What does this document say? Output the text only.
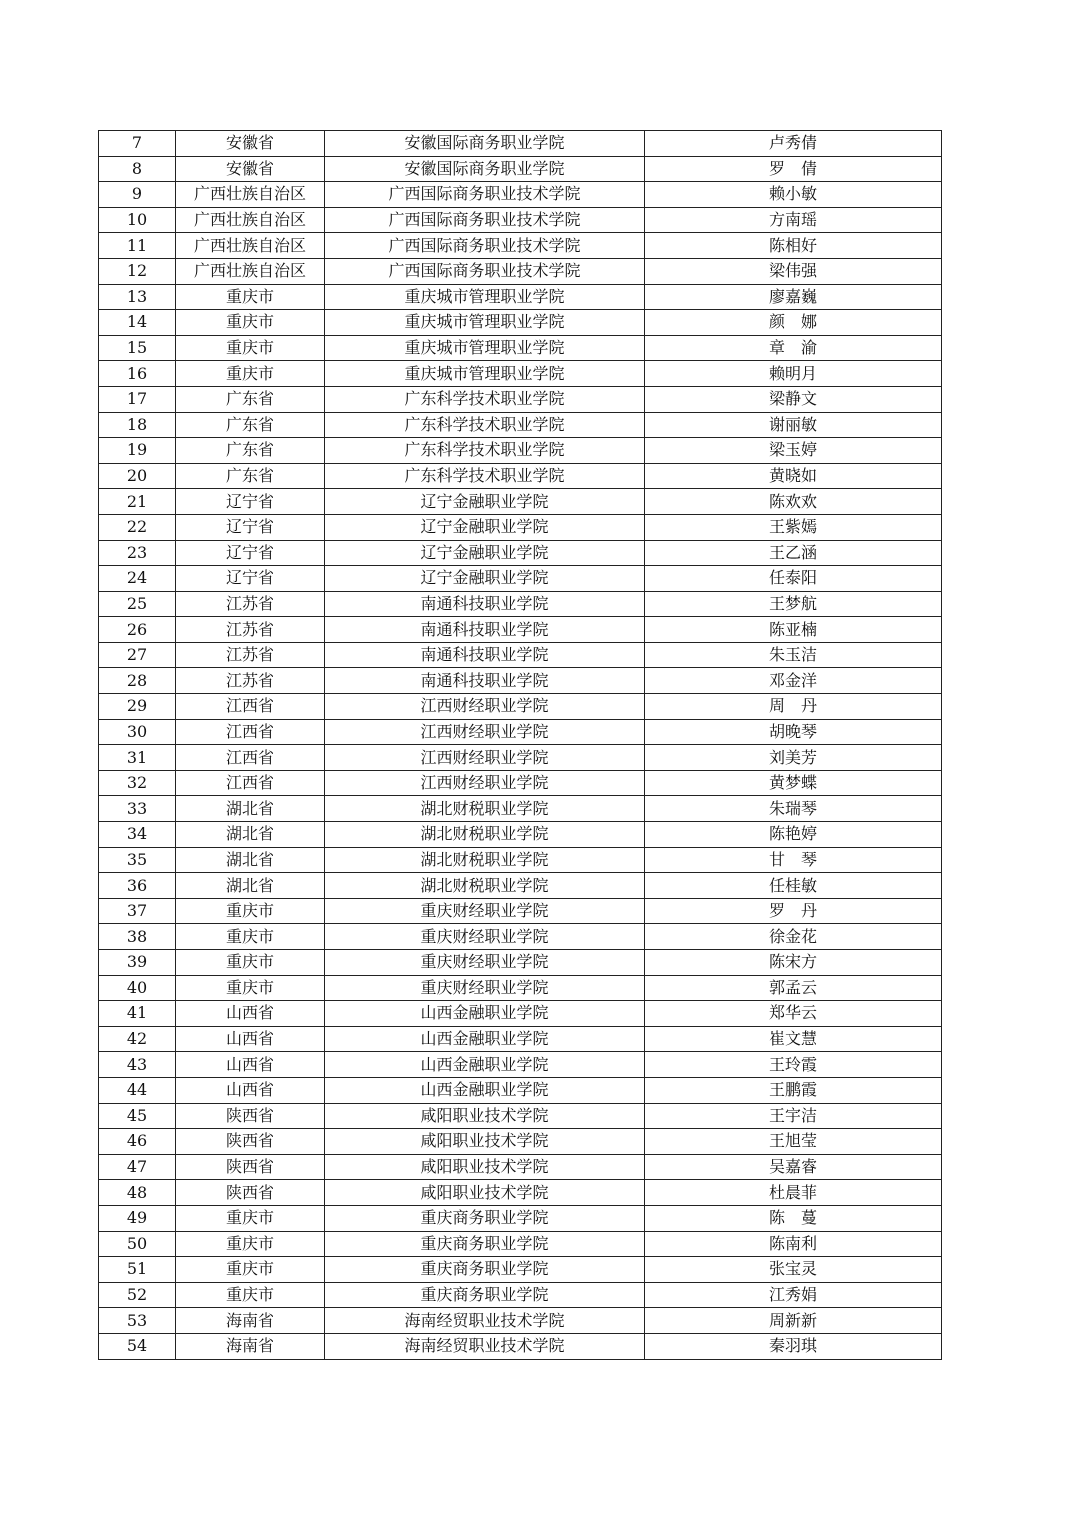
7	安徽省	安徽国际商务职业学院	卢秀倩
8	安徽省	安徽国际商务职业学院	罗　倩
9	广西壮族自治区	广西国际商务职业技术学院	赖小敏
10	广西壮族自治区	广西国际商务职业技术学院	方南瑶
11	广西壮族自治区	广西国际商务职业技术学院	陈相好
12	广西壮族自治区	广西国际商务职业技术学院	梁伟强
13	重庆市	重庆城市管理职业学院	廖嘉巍
14	重庆市	重庆城市管理职业学院	颜　娜
15	重庆市	重庆城市管理职业学院	章　渝
16	重庆市	重庆城市管理职业学院	赖明月
17	广东省	广东科学技术职业学院	梁静文
18	广东省	广东科学技术职业学院	谢丽敏
19	广东省	广东科学技术职业学院	梁玉婷
20	广东省	广东科学技术职业学院	黄晓如
21	辽宁省	辽宁金融职业学院	陈欢欢
22	辽宁省	辽宁金融职业学院	王紫嫣
23	辽宁省	辽宁金融职业学院	王乙涵
24	辽宁省	辽宁金融职业学院	任泰阳
25	江苏省	南通科技职业学院	王梦航
26	江苏省	南通科技职业学院	陈亚楠
27	江苏省	南通科技职业学院	朱玉洁
28	江苏省	南通科技职业学院	邓金洋
29	江西省	江西财经职业学院	周　丹
30	江西省	江西财经职业学院	胡晚琴
31	江西省	江西财经职业学院	刘美芳
32	江西省	江西财经职业学院	黄梦蝶
33	湖北省	湖北财税职业学院	朱瑞琴
34	湖北省	湖北财税职业学院	陈艳婷
35	湖北省	湖北财税职业学院	甘　琴
36	湖北省	湖北财税职业学院	任桂敏
37	重庆市	重庆财经职业学院	罗　丹
38	重庆市	重庆财经职业学院	徐金花
39	重庆市	重庆财经职业学院	陈宋方
40	重庆市	重庆财经职业学院	郭孟云
41	山西省	山西金融职业学院	郑华云
42	山西省	山西金融职业学院	崔文慧
43	山西省	山西金融职业学院	王玲霞
44	山西省	山西金融职业学院	王鹏霞
45	陕西省	咸阳职业技术学院	王宇洁
46	陕西省	咸阳职业技术学院	王旭莹
47	陕西省	咸阳职业技术学院	吴嘉睿
48	陕西省	咸阳职业技术学院	杜晨菲
49	重庆市	重庆商务职业学院	陈　蔓
50	重庆市	重庆商务职业学院	陈南利
51	重庆市	重庆商务职业学院	张宝灵
52	重庆市	重庆商务职业学院	江秀娟
53	海南省	海南经贸职业技术学院	周新新
54	海南省	海南经贸职业技术学院	秦羽琪
